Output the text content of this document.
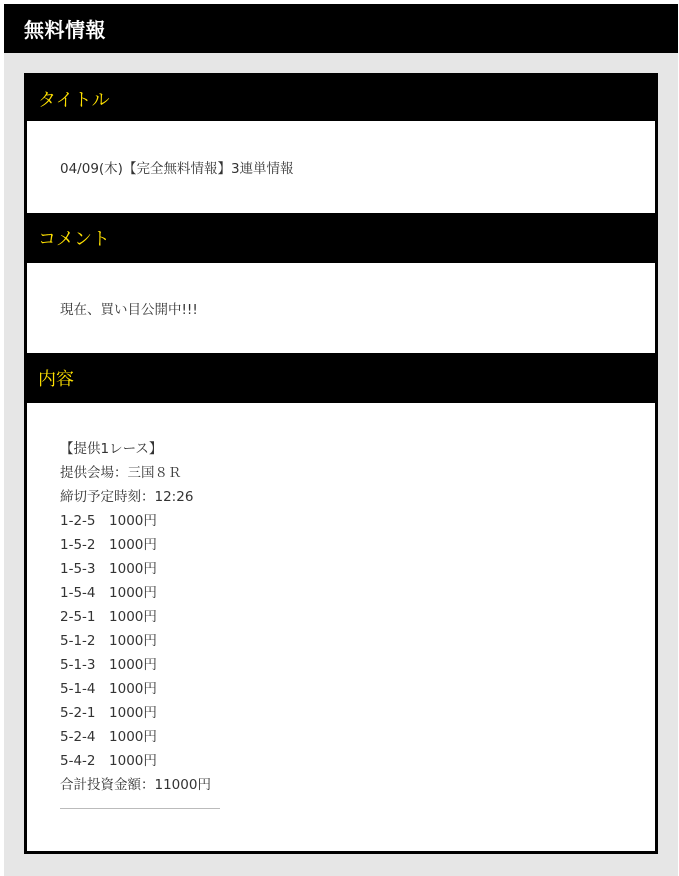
無料情報
タイトル
04/09(木)【完全無料情報】3連単情報
コメント
現在、買い目公開中!!!
内容
【提供1レース】
提供会場：三国８Ｒ
締切予定時刻：12:26
1-2-5　1000円
1-5-2　1000円
1-5-3　1000円
1-5-4　1000円
2-5-1　1000円
5-1-2　1000円
5-1-3　1000円
5-1-4　1000円
5-2-1　1000円
5-2-4　1000円
5-4-2　1000円
合計投資金額：11000円
